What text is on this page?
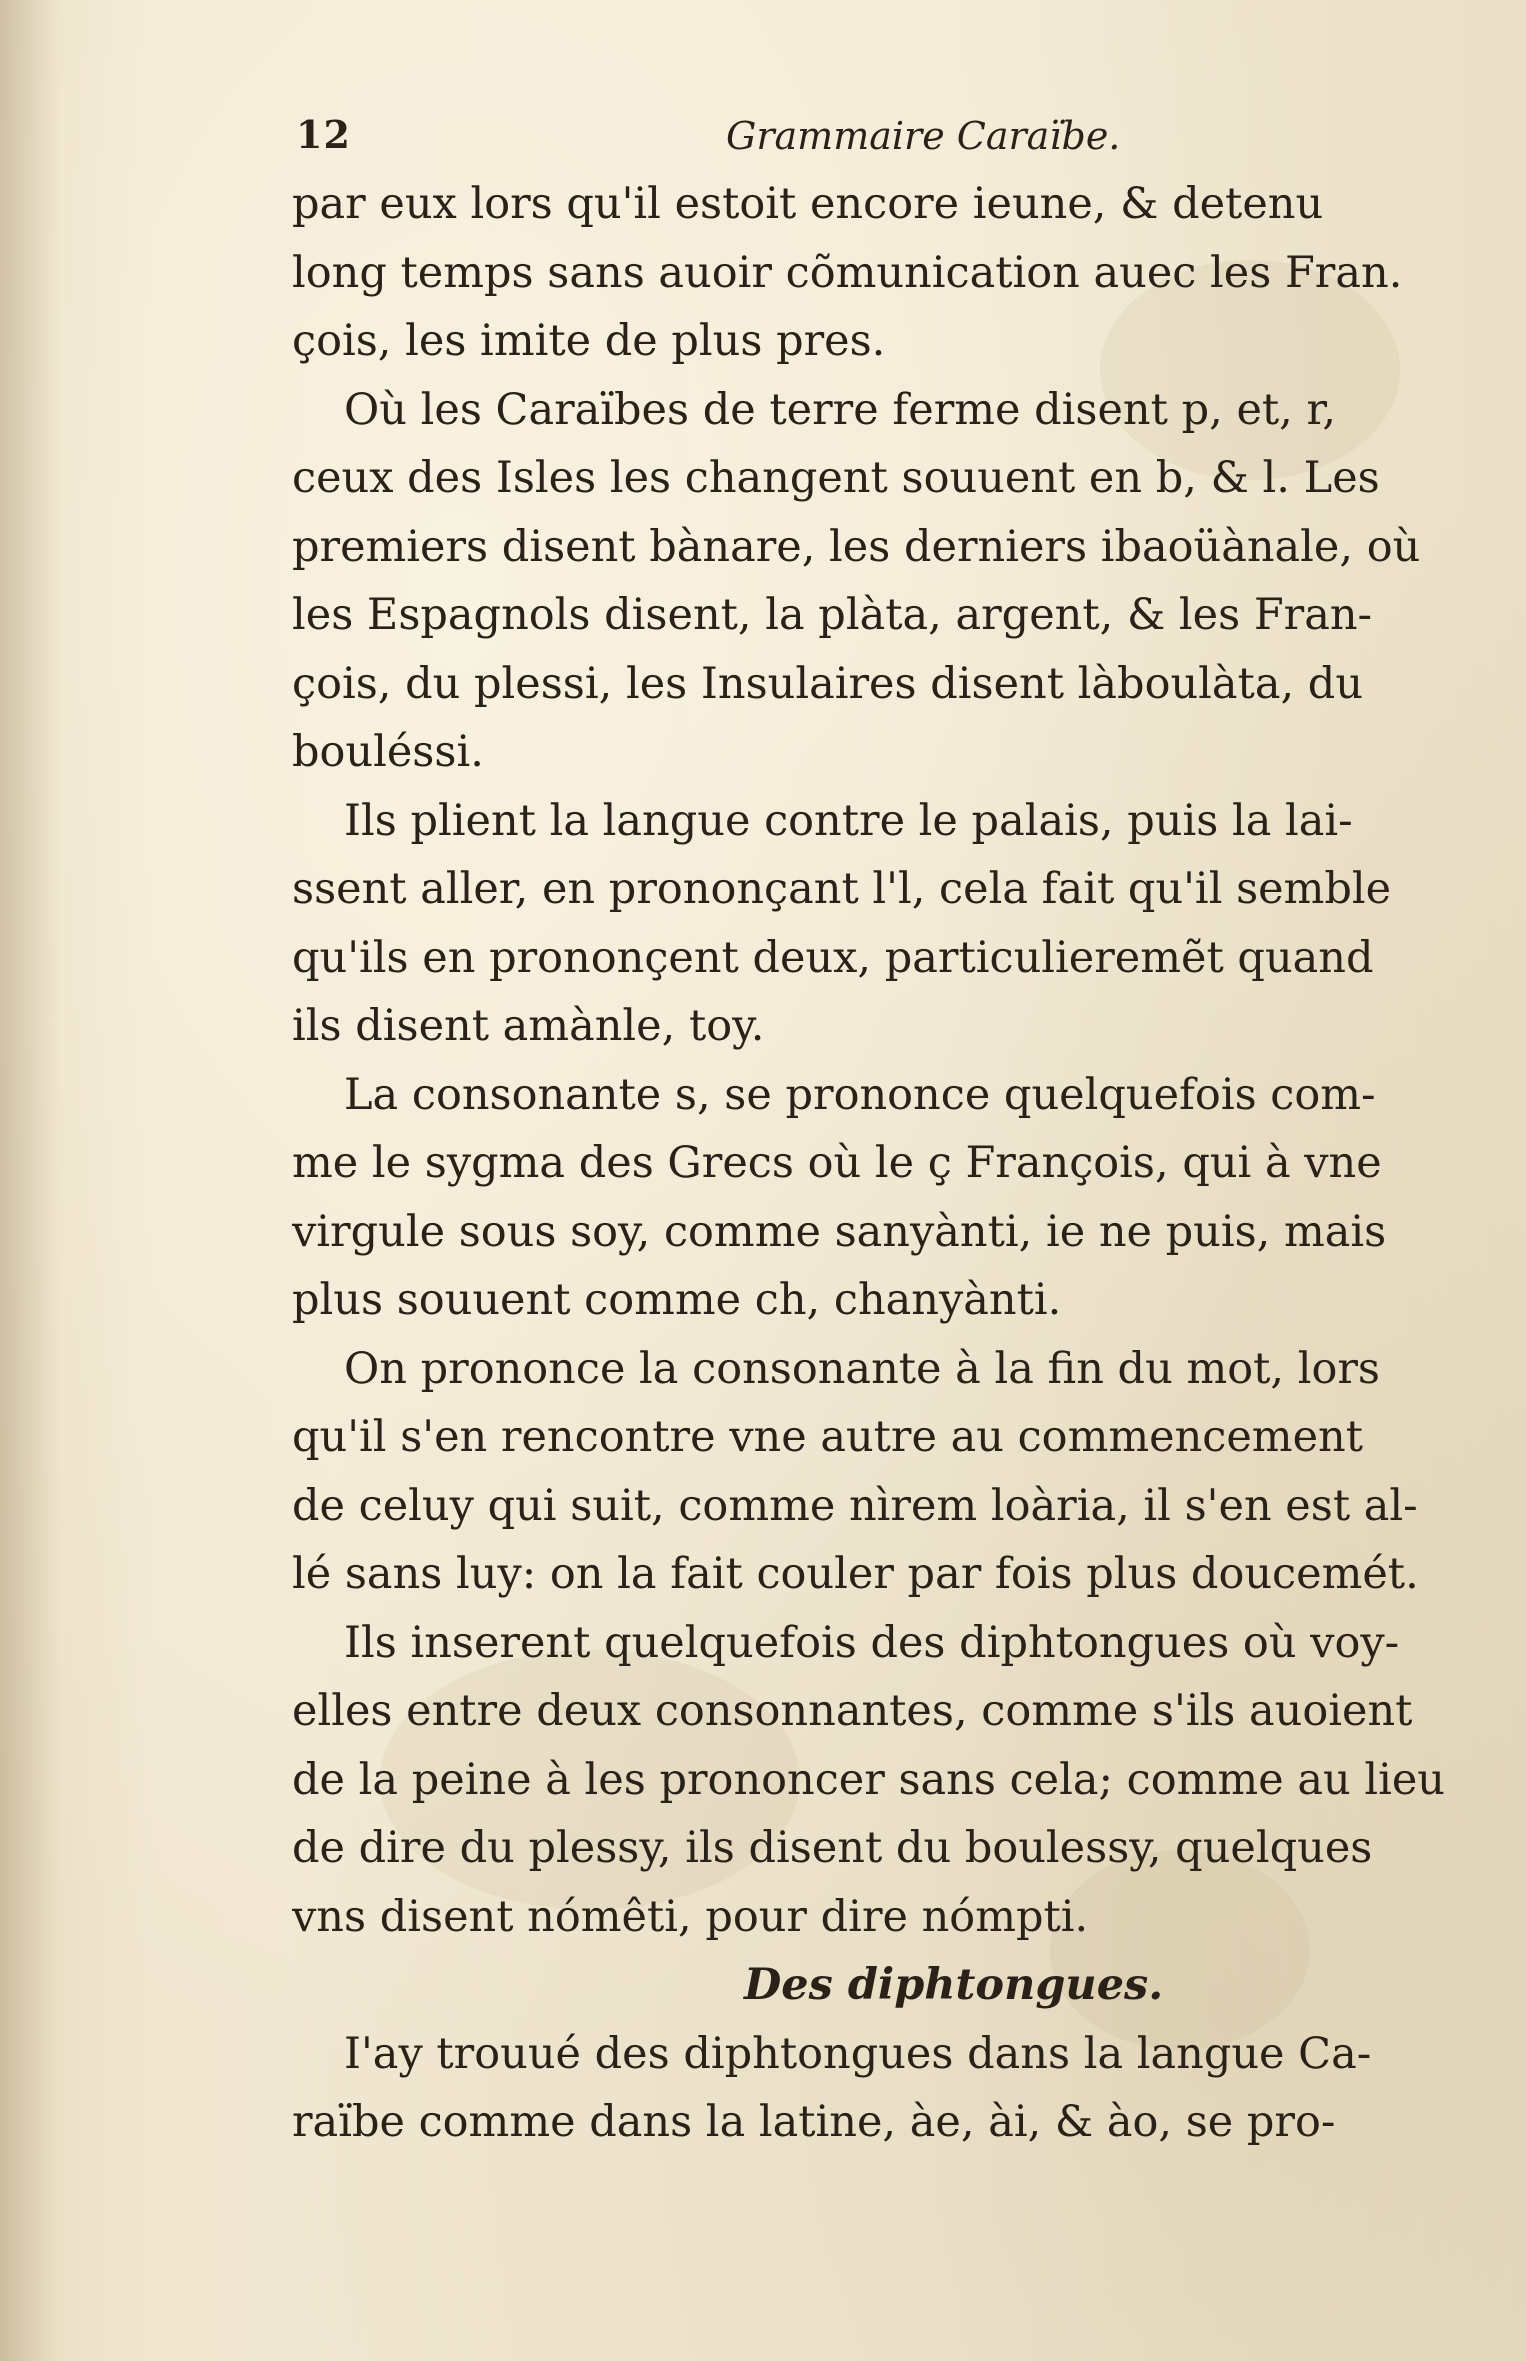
12	Grammaire Caraïbe.
par eux lors qu'il estoit encore ieune, & detenu
long temps sans auoir cõmunication auec les Fran.
çois, les imite de plus pres.
Où les Caraïbes de terre ferme disent p, et, r,
ceux des Isles les changent souuent en b, & l. Les
premiers disent bànare, les derniers ibaoüànale, où
les Espagnols disent, la plàta, argent, & les Fran-
çois, du plessi, les Insulaires disent làboulàta, du
bouléssi.
Ils plient la langue contre le palais, puis la lai-
ssent aller, en prononçant l'l, cela fait qu'il semble
qu'ils en prononçent deux, particulieremẽt quand
ils disent amànle, toy.
La consonante s, se prononce quelquefois com-
me le sygma des Grecs où le ç François, qui à vne
virgule sous soy, comme sanyànti, ie ne puis, mais
plus souuent comme ch, chanyànti.
On prononce la consonante à la fin du mot, lors
qu'il s'en rencontre vne autre au commencement
de celuy qui suit, comme nìrem loària, il s'en est al-
lé sans luy: on la fait couler par fois plus doucemét.
Ils inserent quelquefois des diphtongues où voy-
elles entre deux consonnantes, comme s'ils auoient
de la peine à les prononcer sans cela; comme au lieu
de dire du plessy, ils disent du boulessy, quelques
vns disent nómêti, pour dire nómpti.
Des diphtongues.
I'ay trouué des diphtongues dans la langue Ca-
raïbe comme dans la latine, àe, ài, & ào, se pro-
